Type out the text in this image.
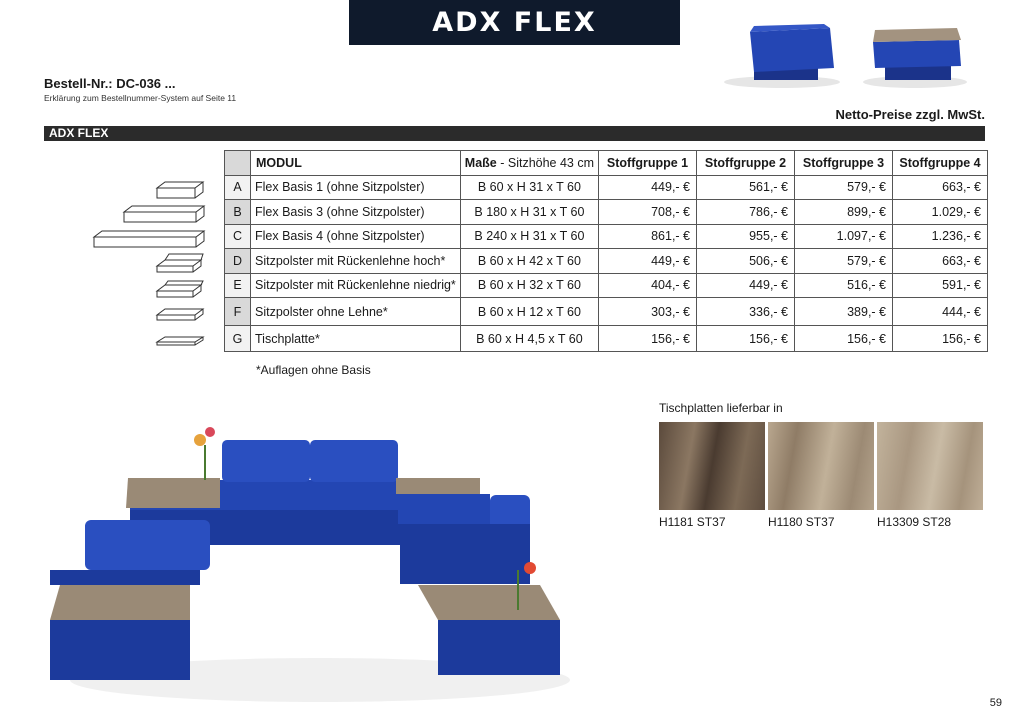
ADX FLEX
Bestell-Nr.: DC-036 ...
Erklärung zum Bestellnummer-System auf Seite 11
Netto-Preise zzgl. MwSt.
ADX FLEX
	MODUL	Maße - Sitzhöhe 43 cm	Stoffgruppe 1	Stoffgruppe 2	Stoffgruppe 3	Stoffgruppe 4
A	Flex Basis 1 (ohne Sitzpolster)	B 60 x H 31 x T 60	449,- €	561,- €	579,- €	663,- €
B	Flex Basis 3 (ohne Sitzpolster)	B 180 x H 31 x T 60	708,- €	786,- €	899,- €	1.029,- €
C	Flex Basis 4 (ohne Sitzpolster)	B 240 x H 31 x T 60	861,- €	955,- €	1.097,- €	1.236,- €
D	Sitzpolster mit Rückenlehne hoch*	B 60 x H 42 x T 60	449,- €	506,- €	579,- €	663,- €
E	Sitzpolster mit Rückenlehne niedrig*	B 60 x H 32 x T 60	404,- €	449,- €	516,- €	591,- €
F	Sitzpolster ohne Lehne*	B 60 x H 12 x T 60	303,- €	336,- €	389,- €	444,- €
G	Tischplatte*	B 60 x H 4,5 x T 60	156,- €	156,- €	156,- €	156,- €
*Auflagen ohne Basis
Tischplatten lieferbar in
H1181 ST37	H1180 ST37	H13309 ST28
59
